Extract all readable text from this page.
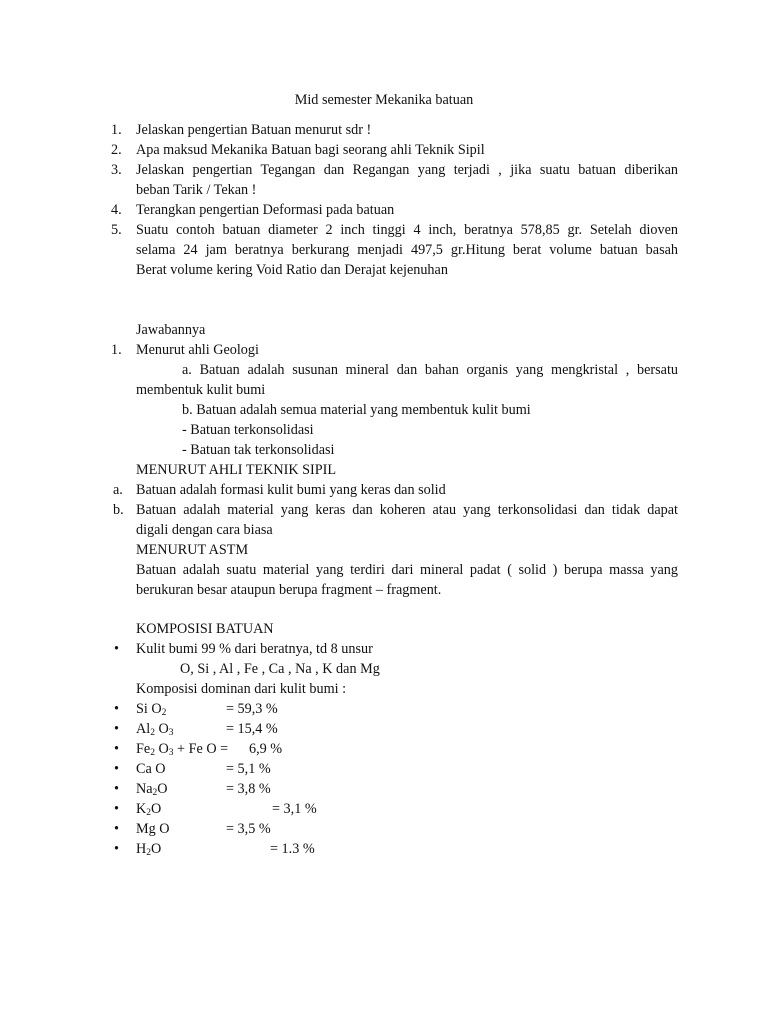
Mid semester Mekanika batuan
1. Jelaskan pengertian Batuan menurut sdr !
2. Apa maksud Mekanika Batuan bagi seorang ahli Teknik Sipil
3. Jelaskan pengertian Tegangan dan Regangan yang terjadi , jika suatu batuan diberikan
beban Tarik / Tekan !
4. Terangkan pengertian Deformasi pada batuan
5. Suatu contoh batuan diameter 2 inch tinggi 4 inch, beratnya 578,85 gr. Setelah dioven
selama 24 jam beratnya berkurang menjadi 497,5 gr.Hitung berat volume batuan basah
Berat volume kering Void Ratio dan Derajat kejenuhan
Jawabannya
1. Menurut ahli Geologi
a. Batuan adalah susunan mineral dan bahan organis yang mengkristal , bersatu
membentuk kulit bumi
b. Batuan adalah semua material yang membentuk kulit bumi
- Batuan terkonsolidasi
- Batuan tak terkonsolidasi
MENURUT AHLI TEKNIK SIPIL
a. Batuan adalah formasi kulit bumi yang keras dan solid
b. Batuan adalah material yang keras dan koheren atau yang terkonsolidasi dan tidak dapat
digali dengan cara biasa
MENURUT ASTM
Batuan adalah suatu material yang terdiri dari mineral padat ( solid ) berupa massa yang
berukuran besar ataupun berupa fragment – fragment.
KOMPOSISI BATUAN
• Kulit bumi 99 % dari beratnya, td 8 unsur
O, Si , Al , Fe , Ca , Na , K dan Mg
Komposisi dominan dari kulit bumi :
• Si $O_2$	= 59,3 %
• $Al_2$ $O_3$	= 15,4 %
• $Fe_2$ $O_3 + Fe$ O = 6,9 %
• Ca O	= 5,1 %
• $Na_2O$	= 3,8 %
• $K_2O$	= 3,1 %
• Mg O	= 3,5 %
• $H_2O$	= 1.3 %
